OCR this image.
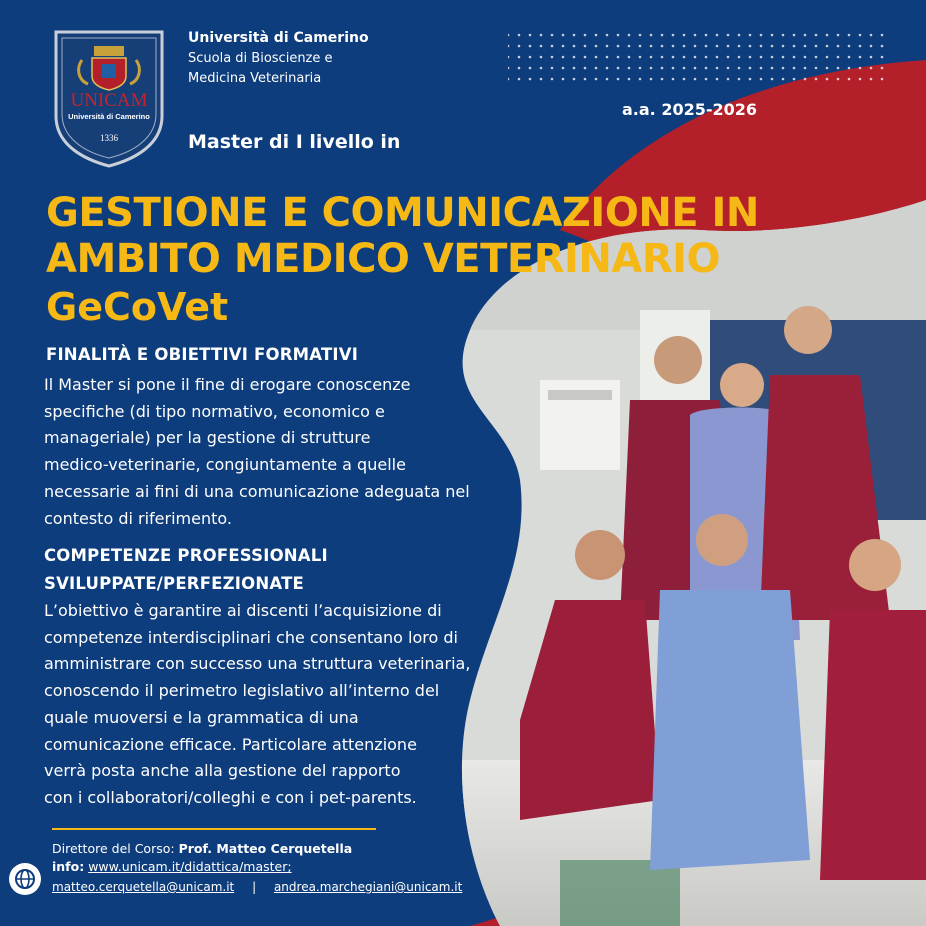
UNICAM
Università di Camerino
1336
Università di Camerino
Scuola di Bioscienze e
Medicina Veterinaria
a.a. 2025-2026
Master di I livello in
GESTIONE E COMUNICAZIONE IN
AMBITO MEDICO VETERINARIO
GeCoVet
FINALITÀ E OBIETTIVI FORMATIVI
Il Master si pone il fine di erogare conoscenze
specifiche (di tipo normativo, economico e
manageriale) per la gestione di strutture
medico-veterinarie, congiuntamente a quelle
necessarie ai fini di una comunicazione adeguata nel
contesto di riferimento.
COMPETENZE PROFESSIONALI
SVILUPPATE/PERFEZIONATE
L’obiettivo è garantire ai discenti l’acquisizione di
competenze interdisciplinari che consentano loro di
amministrare con successo una struttura veterinaria,
conoscendo il perimetro legislativo all’interno del
quale muoversi e la grammatica di una
comunicazione efficace. Particolare attenzione
verrà posta anche alla gestione del rapporto
con i collaboratori/colleghi e con i pet-parents.
Direttore del Corso: Prof. Matteo Cerquetella
info: www.unicam.it/didattica/master;
matteo.cerquetella@unicam.it | andrea.marchegiani@unicam.it
